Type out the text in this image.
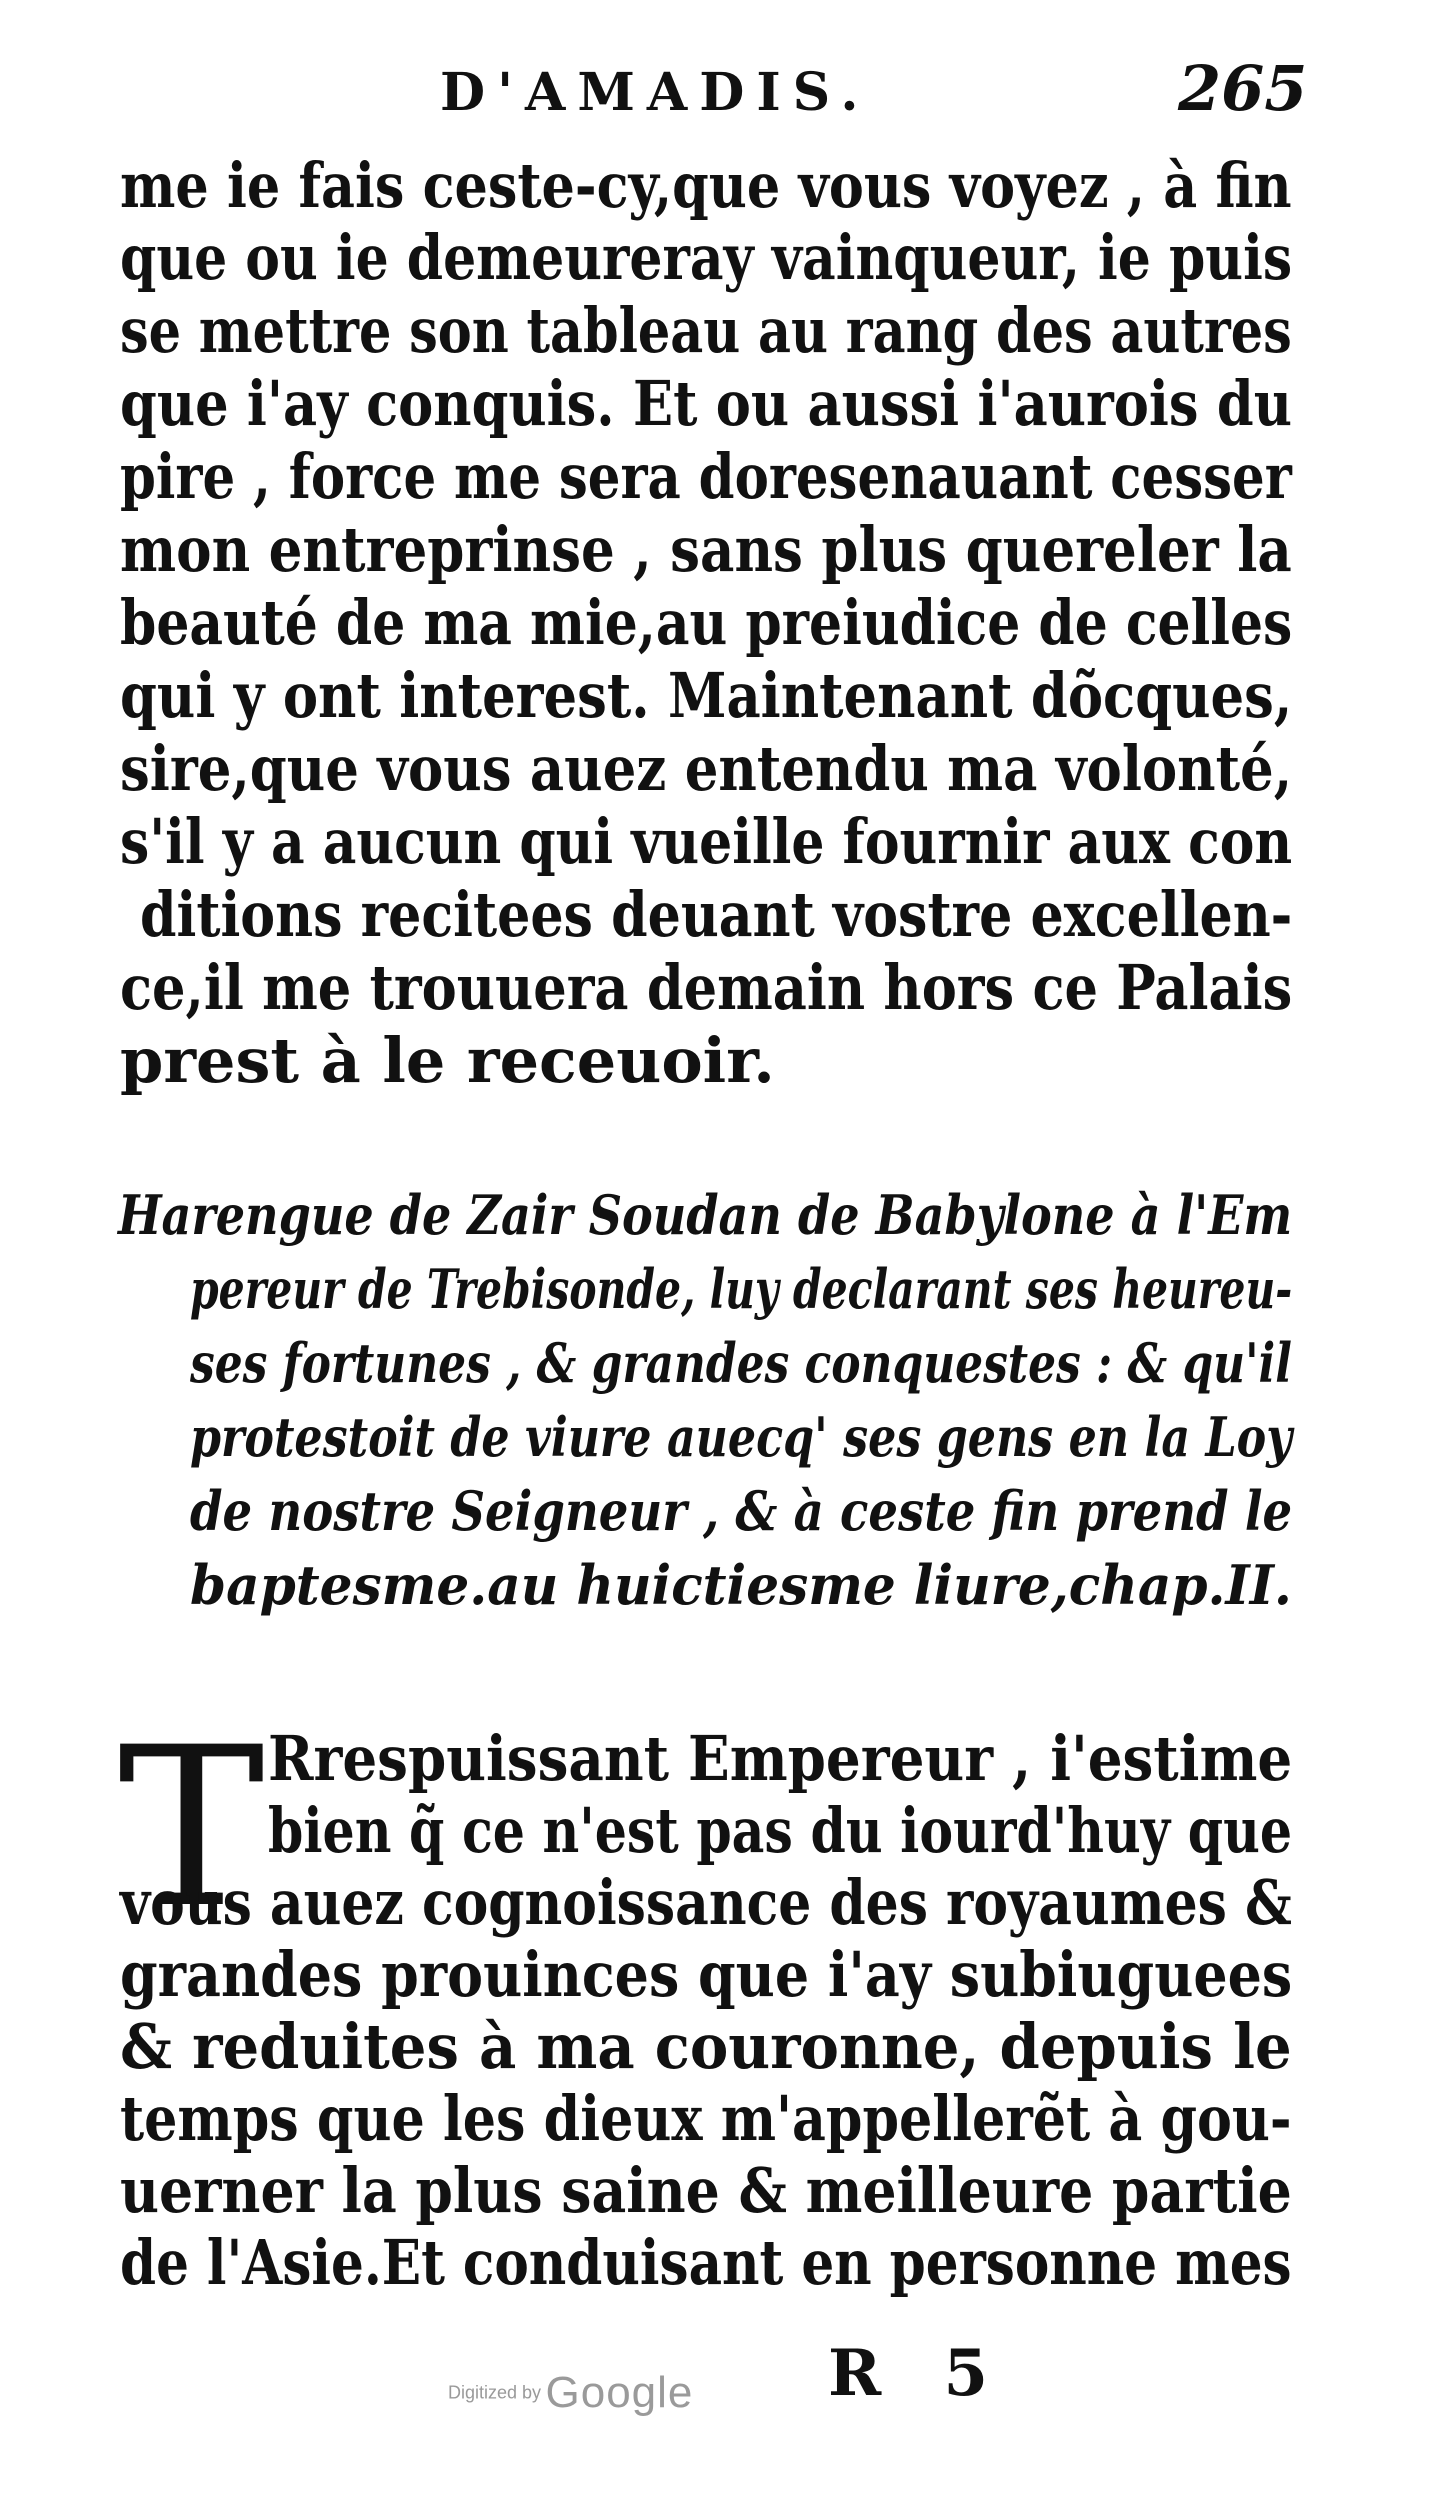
D'AMADIS.	265
me ie fais ceste-cy,que vous voyez , à fin
que ou ie demeureray vainqueur, ie puis
se mettre son tableau au rang des autres
que i'ay conquis. Et ou aussi i'aurois du
pire , force me sera doresenauant cesser
mon entreprinse , sans plus quereler la
beauté de ma mie,au preiudice de celles
qui y ont interest. Maintenant dõcques,
sire,que vous auez entendu ma volonté,
s'il y a aucun qui vueille fournir aux con
ditions recitees deuant vostre excellen-
ce,il me trouuera demain hors ce Palais
prest à le receuoir.
Harengue de Zair Soudan de Babylone à l'Em
pereur de Trebisonde, luy declarant ses heureu-
ses fortunes , & grandes conquestes : & qu'il
protestoit de viure auecq' ses gens en la Loy
de nostre Seigneur , & à ceste fin prend le
baptesme.au huictiesme liure,chap.II.
T Rrespuissant Empereur , i'estime
bien q̃ ce n'est pas du iourd'huy que
vous auez cognoissance des royaumes &
grandes prouinces que i'ay subiuguees
& reduites à ma couronne, depuis le
temps que les dieux m'appellerẽt à gou-
uerner la plus saine & meilleure partie
de l'Asie.Et conduisant en personne mes
Digitized by Google R 5
